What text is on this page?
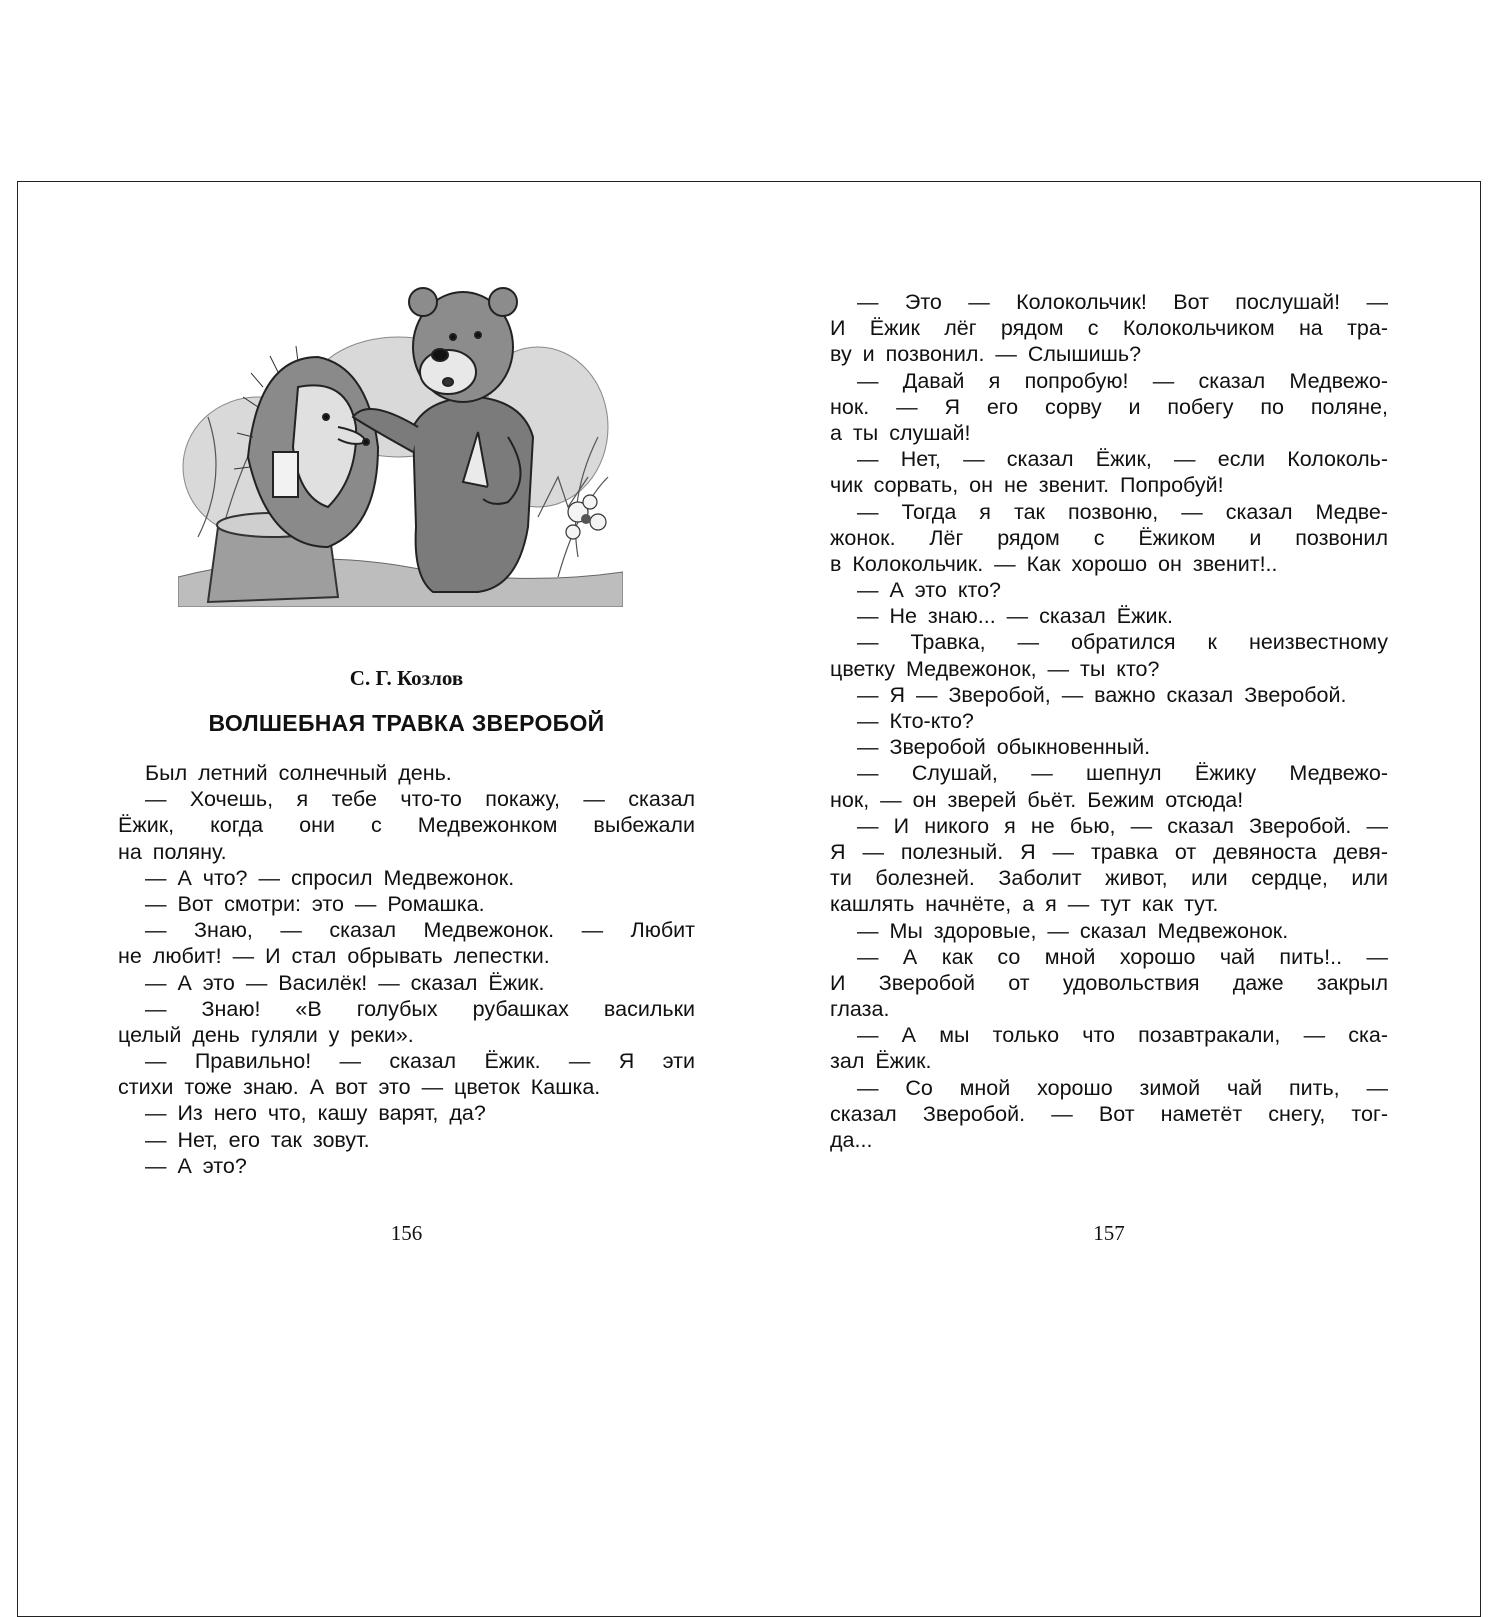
С. Г. Козлов
ВОЛШЕБНАЯ ТРАВКА ЗВЕРОБОЙ
Был летний солнечный день.
— Хочешь, я тебе что-то покажу, — сказал
Ёжик, когда они с Медвежонком выбежали
на поляну.
— А что? — спросил Медвежонок.
— Вот смотри: это — Ромашка.
— Знаю, — сказал Медвежонок. — Любит
не любит! — И стал обрывать лепестки.
— А это — Василёк! — сказал Ёжик.
— Знаю! «В голубых рубашках васильки
целый день гуляли у реки».
— Правильно! — сказал Ёжик. — Я эти
стихи тоже знаю. А вот это — цветок Кашка.
— Из него что, кашу варят, да?
— Нет, его так зовут.
— А это?
156
— Это — Колокольчик! Вот послушай! —
И Ёжик лёг рядом с Колокольчиком на тра-
ву и позвонил. — Слышишь?
— Давай я попробую! — сказал Медвежо-
нок. — Я его сорву и побегу по поляне,
а ты слушай!
— Нет, — сказал Ёжик, — если Колоколь-
чик сорвать, он не звенит. Попробуй!
— Тогда я так позвоню, — сказал Медве-
жонок. Лёг рядом с Ёжиком и позвонил
в Колокольчик. — Как хорошо он звенит!..
— А это кто?
— Не знаю... — сказал Ёжик.
— Травка, — обратился к неизвестному
цветку Медвежонок, — ты кто?
— Я — Зверобой, — важно сказал Зверобой.
— Кто-кто?
— Зверобой обыкновенный.
— Слушай, — шепнул Ёжику Медвежо-
нок, — он зверей бьёт. Бежим отсюда!
— И никого я не бью, — сказал Зверобой. —
Я — полезный. Я — травка от девяноста девя-
ти болезней. Заболит живот, или сердце, или
кашлять начнёте, а я — тут как тут.
— Мы здоровые, — сказал Медвежонок.
— А как со мной хорошо чай пить!.. —
И Зверобой от удовольствия даже закрыл
глаза.
— А мы только что позавтракали, — ска-
зал Ёжик.
— Со мной хорошо зимой чай пить, —
сказал Зверобой. — Вот наметёт снегу, тог-
да...
157
